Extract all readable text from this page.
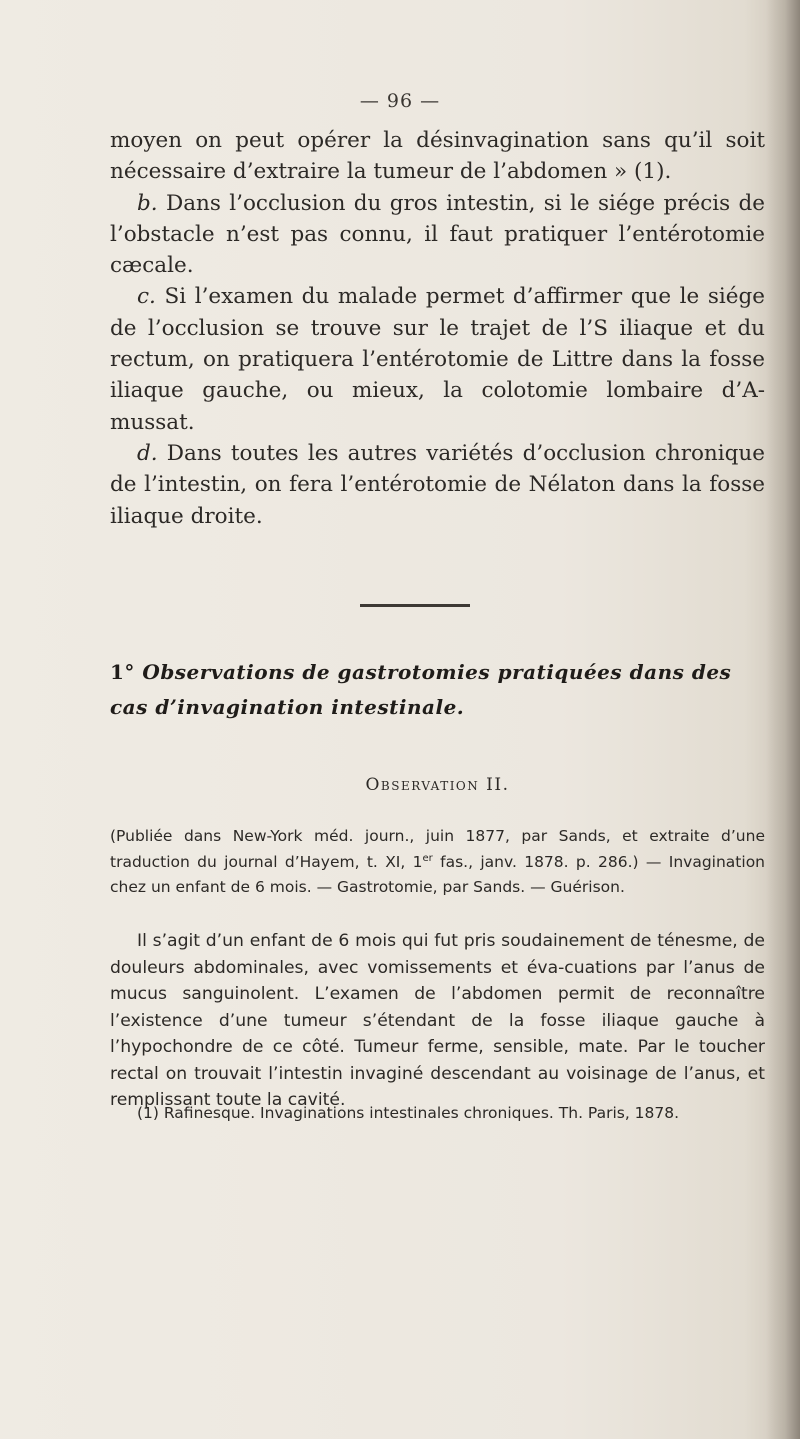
— 96 —

moyen on peut opérer la désinvagination sans qu’il soit nécessaire d’extraire la tumeur de l’abdomen » (1).

b. Dans l’occlusion du gros intestin, si le siége précis de l’obstacle n’est pas connu, il faut pratiquer l’entérotomie cæcale.

c. Si l’examen du malade permet d’affirmer que le siége de l’occlusion se trouve sur le trajet de l’S iliaque et du rectum, on pratiquera l’entérotomie de Littre dans la fosse iliaque gauche, ou mieux, la colotomie lombaire d’A-mussat.

d. Dans toutes les autres variétés d’occlusion chronique de l’intestin, on fera l’entérotomie de Nélaton dans la fosse iliaque droite.

1° Observations de gastrotomies pratiquées dans des cas d’invagination intestinale.

Observation II.

(Publiée dans New-York méd. journ., juin 1877, par Sands, et extraite d’une traduction du journal d’Hayem, t. XI, 1er fas., janv. 1878. p. 286.) — Invagination chez un enfant de 6 mois. — Gastrotomie, par Sands. — Guérison.

Il s’agit d’un enfant de 6 mois qui fut pris soudainement de ténesme, de douleurs abdominales, avec vomissements et éva-cuations par l’anus de mucus sanguinolent. L’examen de l’abdomen permit de reconnaître l’existence d’une tumeur s’étendant de la fosse iliaque gauche à l’hypochondre de ce côté. Tumeur ferme, sensible, mate. Par le toucher rectal on trouvait l’intestin invaginé descendant au voisinage de l’anus, et remplissant toute la cavité.

(1) Rafinesque. Invaginations intestinales chroniques. Th. Paris, 1878.
